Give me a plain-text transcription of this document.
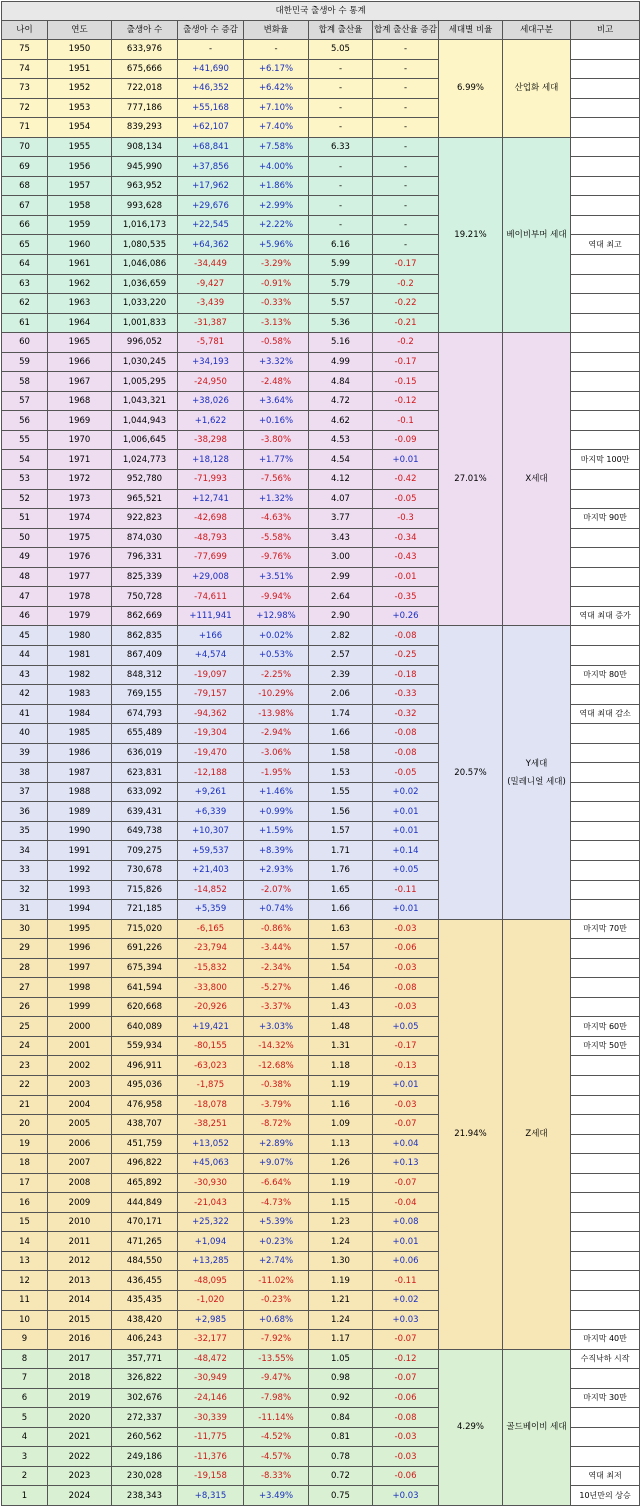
대한민국 출생아 수 통계									
나이	연도	출생아 수	출생아 수 증감	변화율	합계 출산율	합계 출산율 증감	세대별 비율	세대구분	비고
75	1950	633,976	-	-	5.05	-	6.99%	산업화 세대	
74	1951	675,666	+41,690	+6.17%	-	-			
73	1952	722,018	+46,352	+6.42%	-	-			
72	1953	777,186	+55,168	+7.10%	-	-			
71	1954	839,293	+62,107	+7.40%	-	-			
70	1955	908,134	+68,841	+7.58%	6.33	-	19.21%	베이비부머 세대	
69	1956	945,990	+37,856	+4.00%	-	-			
68	1957	963,952	+17,962	+1.86%	-	-			
67	1958	993,628	+29,676	+2.99%	-	-			
66	1959	1,016,173	+22,545	+2.22%	-	-			
65	1960	1,080,535	+64,362	+5.96%	6.16	-			역대 최고
64	1961	1,046,086	-34,449	-3.29%	5.99	-0.17			
63	1962	1,036,659	-9,427	-0.91%	5.79	-0.2			
62	1963	1,033,220	-3,439	-0.33%	5.57	-0.22			
61	1964	1,001,833	-31,387	-3.13%	5.36	-0.21			
60	1965	996,052	-5,781	-0.58%	5.16	-0.2	27.01%	X세대	
59	1966	1,030,245	+34,193	+3.32%	4.99	-0.17			
58	1967	1,005,295	-24,950	-2.48%	4.84	-0.15			
57	1968	1,043,321	+38,026	+3.64%	4.72	-0.12			
56	1969	1,044,943	+1,622	+0.16%	4.62	-0.1			
55	1970	1,006,645	-38,298	-3.80%	4.53	-0.09			
54	1971	1,024,773	+18,128	+1.77%	4.54	+0.01			마지막 100만
53	1972	952,780	-71,993	-7.56%	4.12	-0.42			
52	1973	965,521	+12,741	+1.32%	4.07	-0.05			
51	1974	922,823	-42,698	-4.63%	3.77	-0.3			마지막 90만
50	1975	874,030	-48,793	-5.58%	3.43	-0.34			
49	1976	796,331	-77,699	-9.76%	3.00	-0.43			
48	1977	825,339	+29,008	+3.51%	2.99	-0.01			
47	1978	750,728	-74,611	-9.94%	2.64	-0.35			
46	1979	862,669	+111,941	+12.98%	2.90	+0.26			역대 최대 증가
45	1980	862,835	+166	+0.02%	2.82	-0.08	20.57%	Y세대
(밀레니얼 세대)	
44	1981	867,409	+4,574	+0.53%	2.57	-0.25			
43	1982	848,312	-19,097	-2.25%	2.39	-0.18			마지막 80만
42	1983	769,155	-79,157	-10.29%	2.06	-0.33			
41	1984	674,793	-94,362	-13.98%	1.74	-0.32			역대 최대 감소
40	1985	655,489	-19,304	-2.94%	1.66	-0.08			
39	1986	636,019	-19,470	-3.06%	1.58	-0.08			
38	1987	623,831	-12,188	-1.95%	1.53	-0.05			
37	1988	633,092	+9,261	+1.46%	1.55	+0.02			
36	1989	639,431	+6,339	+0.99%	1.56	+0.01			
35	1990	649,738	+10,307	+1.59%	1.57	+0.01			
34	1991	709,275	+59,537	+8.39%	1.71	+0.14			
33	1992	730,678	+21,403	+2.93%	1.76	+0.05			
32	1993	715,826	-14,852	-2.07%	1.65	-0.11			
31	1994	721,185	+5,359	+0.74%	1.66	+0.01			
30	1995	715,020	-6,165	-0.86%	1.63	-0.03	21.94%	Z세대	마지막 70만
29	1996	691,226	-23,794	-3.44%	1.57	-0.06			
28	1997	675,394	-15,832	-2.34%	1.54	-0.03			
27	1998	641,594	-33,800	-5.27%	1.46	-0.08			
26	1999	620,668	-20,926	-3.37%	1.43	-0.03			
25	2000	640,089	+19,421	+3.03%	1.48	+0.05			마지막 60만
24	2001	559,934	-80,155	-14.32%	1.31	-0.17			마지막 50만
23	2002	496,911	-63,023	-12.68%	1.18	-0.13			
22	2003	495,036	-1,875	-0.38%	1.19	+0.01			
21	2004	476,958	-18,078	-3.79%	1.16	-0.03			
20	2005	438,707	-38,251	-8.72%	1.09	-0.07			
19	2006	451,759	+13,052	+2.89%	1.13	+0.04			
18	2007	496,822	+45,063	+9.07%	1.26	+0.13			
17	2008	465,892	-30,930	-6.64%	1.19	-0.07			
16	2009	444,849	-21,043	-4.73%	1.15	-0.04			
15	2010	470,171	+25,322	+5.39%	1.23	+0.08			
14	2011	471,265	+1,094	+0.23%	1.24	+0.01			
13	2012	484,550	+13,285	+2.74%	1.30	+0.06			
12	2013	436,455	-48,095	-11.02%	1.19	-0.11			
11	2014	435,435	-1,020	-0.23%	1.21	+0.02			
10	2015	438,420	+2,985	+0.68%	1.24	+0.03			
9	2016	406,243	-32,177	-7.92%	1.17	-0.07			마지막 40만
8	2017	357,771	-48,472	-13.55%	1.05	-0.12	4.29%	골드베이비 세대	수직낙하 시작
7	2018	326,822	-30,949	-9.47%	0.98	-0.07			
6	2019	302,676	-24,146	-7.98%	0.92	-0.06			마지막 30만
5	2020	272,337	-30,339	-11.14%	0.84	-0.08			
4	2021	260,562	-11,775	-4.52%	0.81	-0.03			
3	2022	249,186	-11,376	-4.57%	0.78	-0.03			
2	2023	230,028	-19,158	-8.33%	0.72	-0.06			역대 최저
1	2024	238,343	+8,315	+3.49%	0.75	+0.03			10년만의 상승
